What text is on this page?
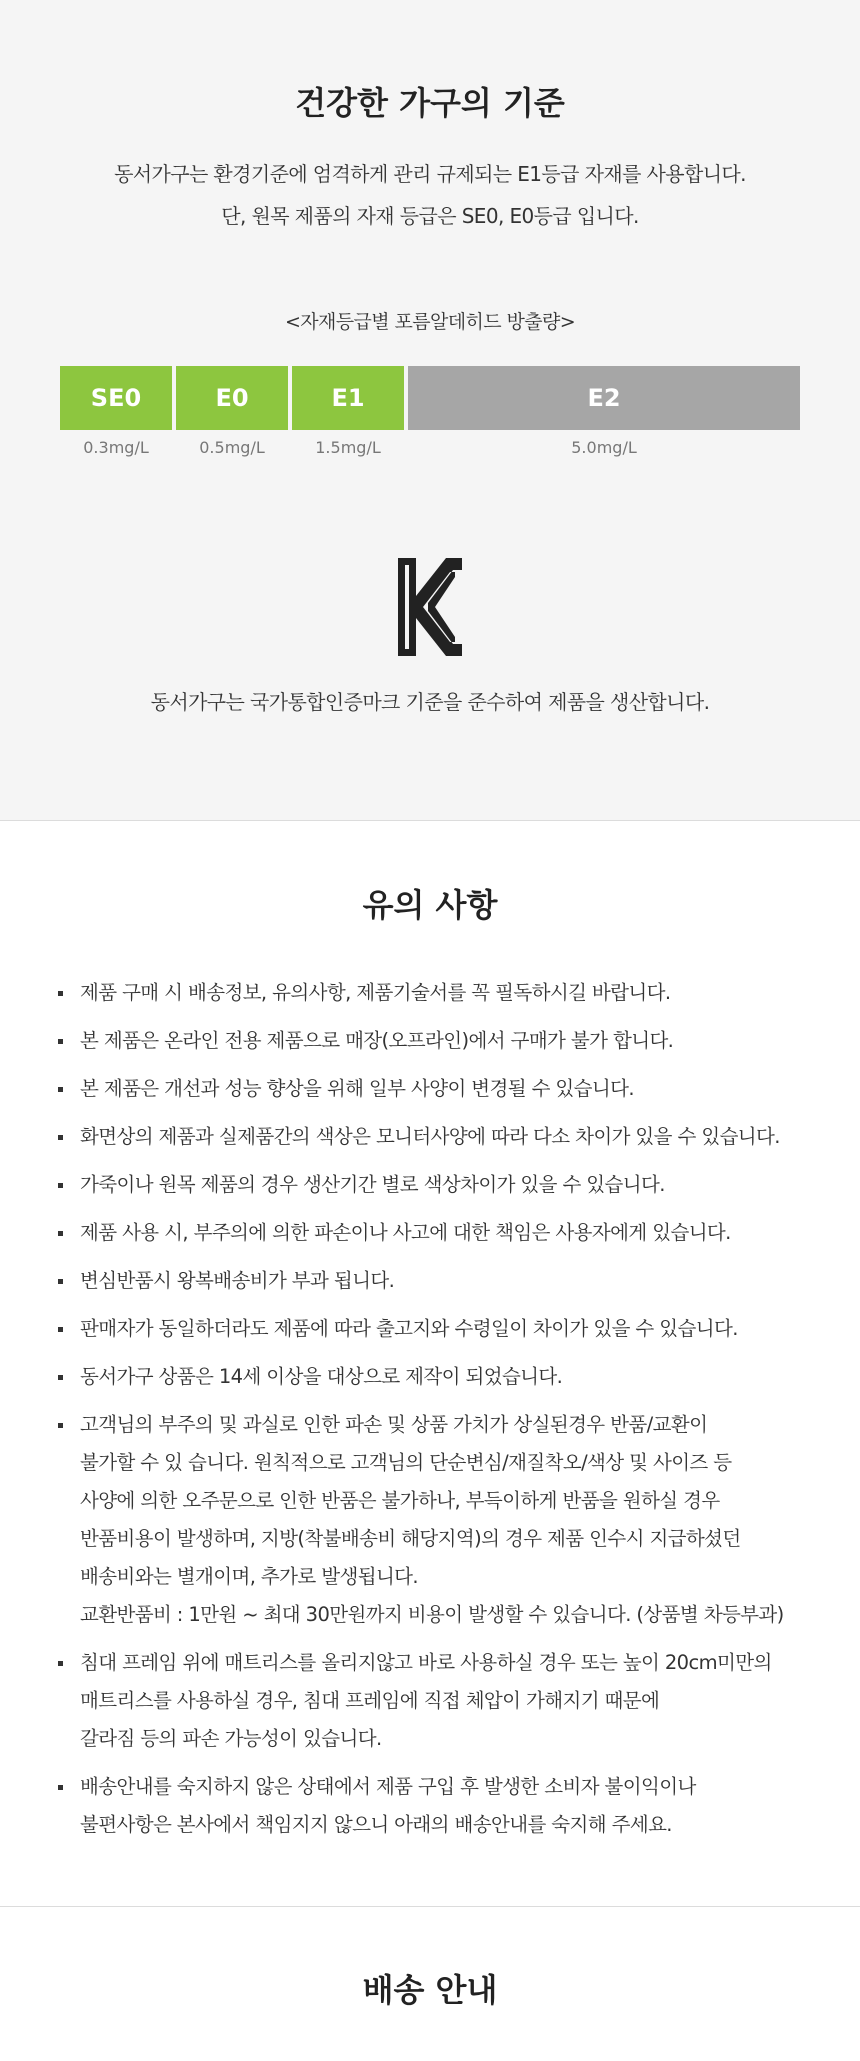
건강한 가구의 기준

동서가구는 환경기준에 엄격하게 관리 규제되는 E1등급 자재를 사용합니다.

단, 원목 제품의 자재 등급은 SE0, E0등급 입니다.

<자재등급별 포름알데히드 방출량>

SE0	E0	E1	E2
0.3mg/L	0.5mg/L	1.5mg/L	5.0mg/L

동서가구는 국가통합인증마크 기준을 준수하여 제품을 생산합니다.

유의 사항
제품 구매 시 배송정보, 유의사항, 제품기술서를 꼭 필독하시길 바랍니다.
본 제품은 온라인 전용 제품으로 매장(오프라인)에서 구매가 불가 합니다.
본 제품은 개선과 성능 향상을 위해 일부 사양이 변경될 수 있습니다.
화면상의 제품과 실제품간의 색상은 모니터사양에 따라 다소 차이가 있을 수 있습니다.
가죽이나 원목 제품의 경우 생산기간 별로 색상차이가 있을 수 있습니다.
제품 사용 시, 부주의에 의한 파손이나 사고에 대한 책임은 사용자에게 있습니다.
변심반품시 왕복배송비가 부과 됩니다.
판매자가 동일하더라도 제품에 따라 출고지와 수령일이 차이가 있을 수 있습니다.
동서가구 상품은 14세 이상을 대상으로 제작이 되었습니다.
고객님의 부주의 및 과실로 인한 파손 및 상품 가치가 상실된경우 반품/교환이
불가할 수 있 습니다. 원칙적으로 고객님의 단순변심/재질착오/색상 및 사이즈 등
사양에 의한 오주문으로 인한 반품은 불가하나, 부득이하게 반품을 원하실 경우
반품비용이 발생하며, 지방(착불배송비 해당지역)의 경우 제품 인수시 지급하셨던
배송비와는 별개이며, 추가로 발생됩니다.
교환반품비 : 1만원 ~ 최대 30만원까지 비용이 발생할 수 있습니다. (상품별 차등부과)
침대 프레임 위에 매트리스를 올리지않고 바로 사용하실 경우 또는 높이 20cm미만의
매트리스를 사용하실 경우, 침대 프레임에 직접 체압이 가해지기 때문에
갈라짐 등의 파손 가능성이 있습니다.
배송안내를 숙지하지 않은 상태에서 제품 구입 후 발생한 소비자 불이익이나
불편사항은 본사에서 책임지지 않으니 아래의 배송안내를 숙지해 주세요.
배송 안내
